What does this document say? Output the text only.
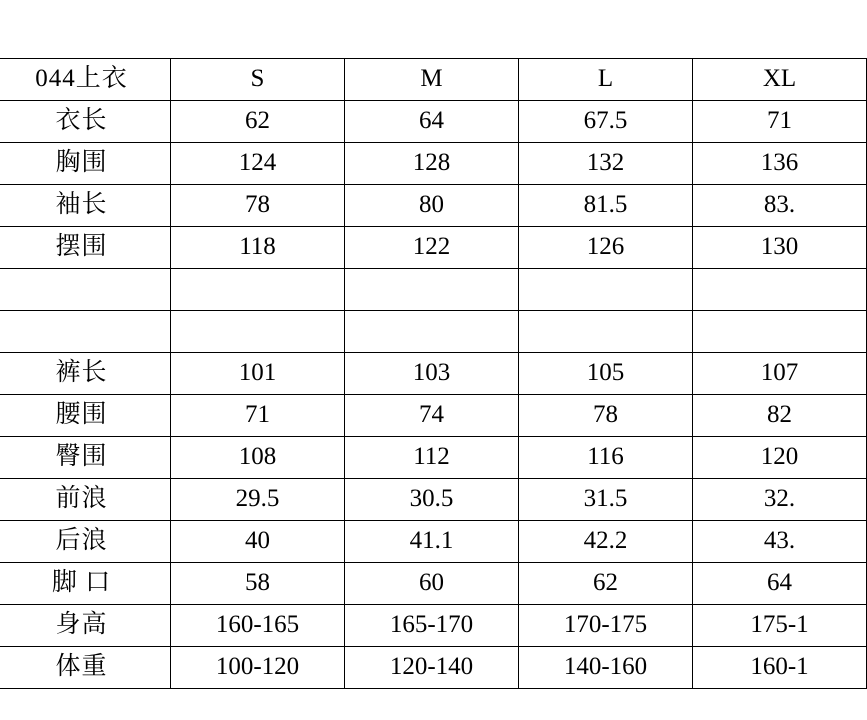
044上衣	S	M	L	XL
衣长	62	64	67.5	71
胸围	124	128	132	136
袖长	78	80	81.5	83.
摆围	118	122	126	130

裤长	101	103	105	107
腰围	71	74	78	82
臀围	108	112	116	120
前浪	29.5	30.5	31.5	32.
后浪	40	41.1	42.2	43.
脚 口	58	60	62	64
身高	160-165	165-170	170-175	175-1
体重	100-120	120-140	140-160	160-1
